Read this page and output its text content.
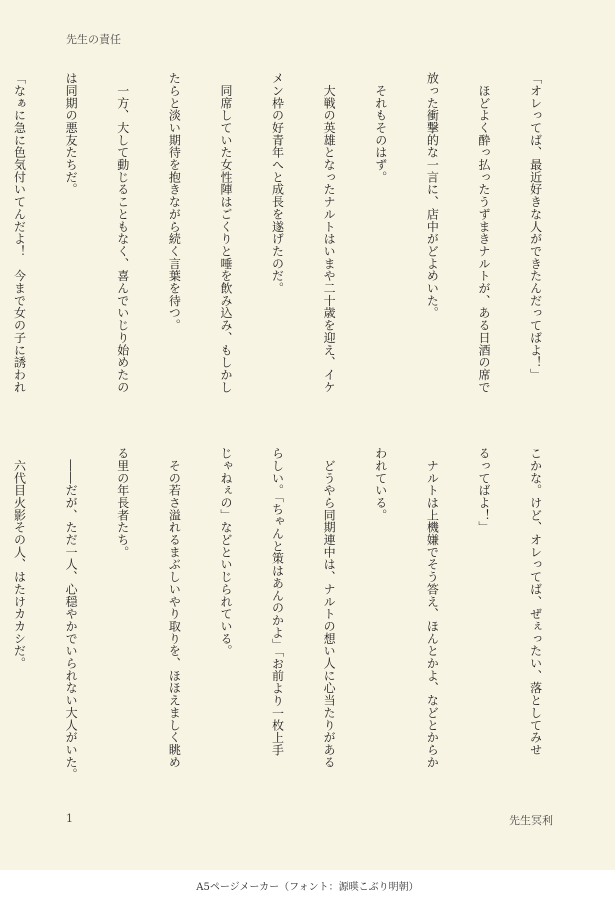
先生の責任

「オレってば、最近好きな人ができたんだってばよ！」

　ほどよく酔っ払ったうずまきナルトが、ある日酒の席で

放った衝撃的な一言に、店中がどよめいた。

　それもそのはず。

　大戦の英雄となったナルトはいまや二十歳を迎え、イケ

メン枠の好青年へと成長を遂げたのだ。

　同席していた女性陣はごくりと唾を飲み込み、もしかし

たらと淡い期待を抱きながら続く言葉を待つ。

　一方、大して動じることもなく、喜んでいじり始めたの

は同期の悪友たちだ。

「なぁに急に色気付いてんだよ！　今まで女の子に誘われ

こかな。けど、オレってば、ぜぇったい、落としてみせ

るってばよ！」

　ナルトは上機嫌でそう答え、ほんとかよ、などとからか

われている。

　どうやら同期連中は、ナルトの想い人に心当たりがある

らしい。「ちゃんと策はあんのかよ」「お前より一枚上手

じゃねぇの」などといじられている。

　その若さ溢れるまぶしいやり取りを、ほほえましく眺め

る里の年長者たち。

　――だが、ただ一人、心穏やかでいられない大人がいた。

　六代目火影その人、はたけカカシだ。

1	先生冥利
A5ページメーカー（フォント：源暎こぶり明朝）
